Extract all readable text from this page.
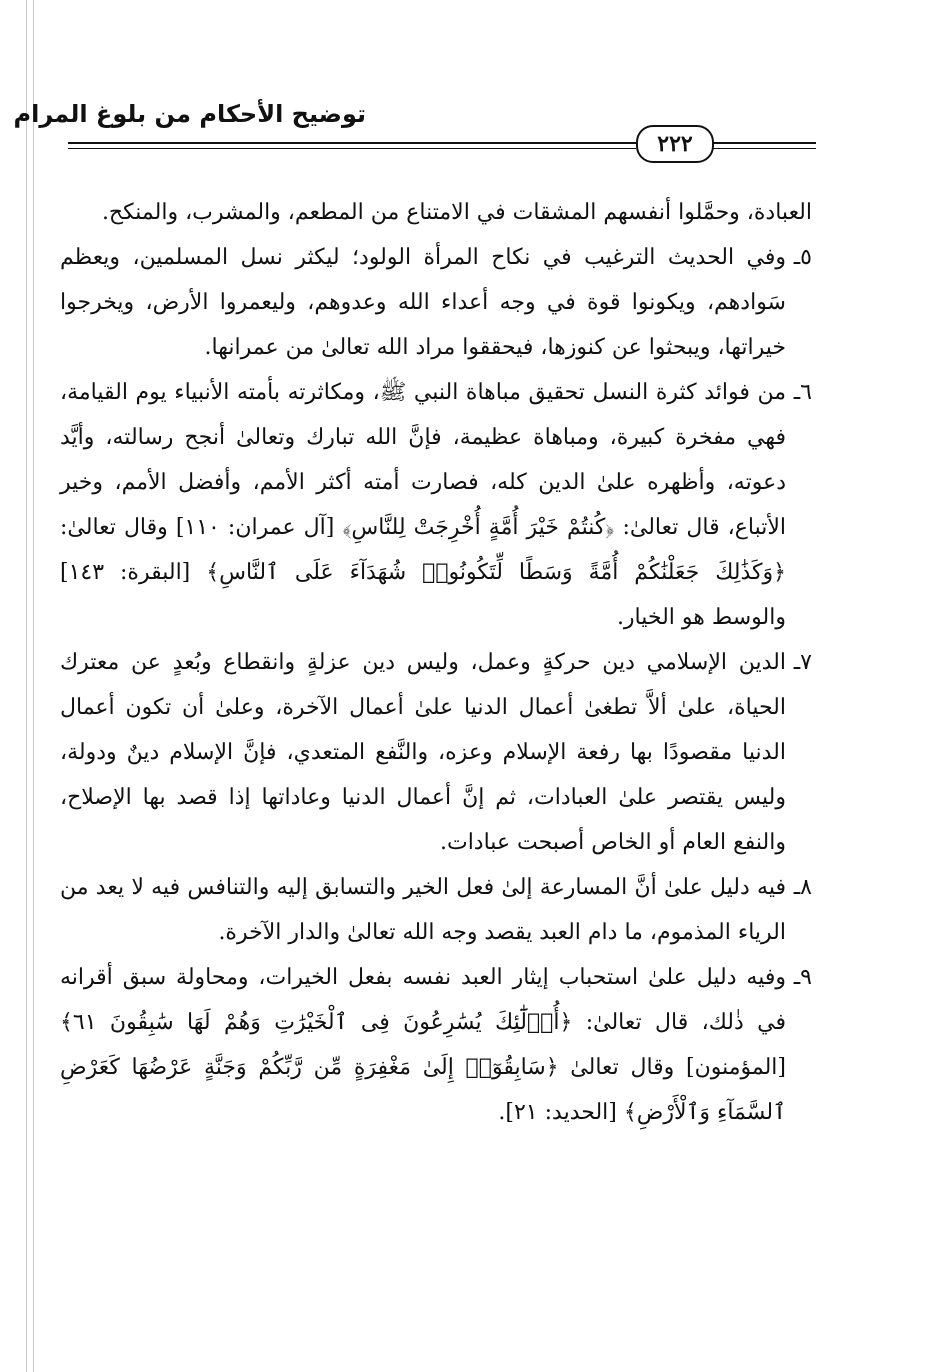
توضيح الأحكام من بلوغ المرام
٢٢٢

العبادة، وحمَّلوا أنفسهم المشقات في الامتناع من المطعم، والمشرب، والمنكح.

٥ـ

وفي الحديث الترغيب في نكاح المرأة الولود؛ ليكثر نسل المسلمين، ويعظم سَوادهم، ويكونوا قوة في وجه أعداء الله وعدوهم، وليعمروا الأرض، ويخرجوا خيراتها، ويبحثوا عن كنوزها، فيحققوا مراد الله تعالىٰ من عمرانها.

٦ـ

من فوائد كثرة النسل تحقيق مباهاة النبي ﷺ، ومكاثرته بأمته الأنبياء يوم القيامة، فهي مفخرة كبيرة، ومباهاة عظيمة، فإنَّ الله تبارك وتعالىٰ أنجح رسالته، وأيَّد دعوته، وأظهره علىٰ الدين كله، فصارت أمته أكثر الأمم، وأفضل الأمم، وخير الأتباع، قال تعالىٰ: ﴿كُنتُمْ خَيْرَ أُمَّةٍ أُخْرِجَتْ لِلنَّاسِ﴾ [آل عمران: ١١٠] وقال تعالىٰ: ﴿وَكَذَٰلِكَ جَعَلْنَٰكُمْ أُمَّةً وَسَطًا لِّتَكُونُوا۟ شُهَدَآءَ عَلَى ٱلنَّاسِ﴾ [البقرة: ١٤٣] والوسط هو الخيار.

٧ـ

الدين الإسلامي دين حركةٍ وعمل، وليس دين عزلةٍ وانقطاع وبُعدٍ عن معترك الحياة، علىٰ ألاَّ تطغىٰ أعمال الدنيا علىٰ أعمال الآخرة، وعلىٰ أن تكون أعمال الدنيا مقصودًا بها رفعة الإسلام وعزه، والنَّفع المتعدي، فإنَّ الإسلام دينٌ ودولة، وليس يقتصر علىٰ العبادات، ثم إنَّ أعمال الدنيا وعاداتها إذا قصد بها الإصلاح، والنفع العام أو الخاص أصبحت عبادات.

٨ـ

فيه دليل علىٰ أنَّ المسارعة إلىٰ فعل الخير والتسابق إليه والتنافس فيه لا يعد من الرياء المذموم، ما دام العبد يقصد وجه الله تعالىٰ والدار الآخرة.

٩ـ

وفيه دليل علىٰ استحباب إيثار العبد نفسه بفعل الخيرات، ومحاولة سبق أقرانه في ذٰلك، قال تعالىٰ: ﴿أُو۟لَٰٓئِكَ يُسَٰرِعُونَ فِى ٱلْخَيْرَٰتِ وَهُمْ لَهَا سَٰبِقُونَ ٦١﴾ [المؤمنون] وقال تعالىٰ ﴿سَابِقُوٓا۟ إِلَىٰ مَغْفِرَةٍ مِّن رَّبِّكُمْ وَجَنَّةٍ عَرْضُهَا كَعَرْضِ ٱلسَّمَآءِ وَٱلْأَرْضِ﴾ [الحديد: ٢١].
